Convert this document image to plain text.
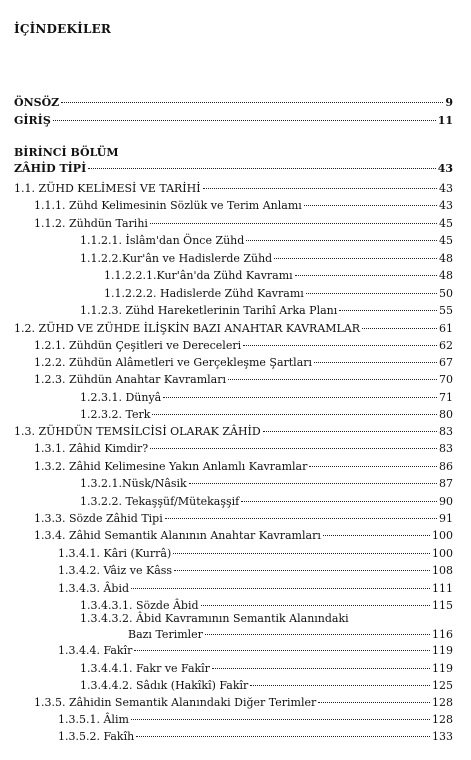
İÇİNDEKİLER
ÖNSÖZ	9
GİRİŞ	11
BİRİNCİ BÖLÜM
ZÂHİD TİPİ	43
1.1. ZÜHD KELİMESİ VE TARİHİ	43
1.1.1. Zühd Kelimesinin Sözlük ve Terim Anlamı	43
1.1.2. Zühdün Tarihi	45
1.1.2.1. İslâm'dan Önce Zühd	45
1.1.2.2.Kur'ân ve Hadislerde Zühd	48
1.1.2.2.1.Kur'ân'da Zühd Kavramı	48
1.1.2.2.2. Hadislerde Zühd Kavramı	50
1.1.2.3. Zühd Hareketlerinin Tarihî Arka Planı	55
1.2. ZÜHD VE ZÜHDE İLİŞKİN BAZI ANAHTAR KAVRAMLAR	61
1.2.1. Zühdün Çeşitleri ve Dereceleri	62
1.2.2. Zühdün Alâmetleri ve Gerçekleşme Şartları	67
1.2.3. Zühdün Anahtar Kavramları	70
1.2.3.1. Dünyâ	71
1.2.3.2. Terk	80
1.3. ZÜHDÜN TEMSİLCİSİ OLARAK ZÂHİD	83
1.3.1. Zâhid Kimdir?	83
1.3.2. Zâhid Kelimesine Yakın Anlamlı Kavramlar	86
1.3.2.1.Nüsk/Nâsik	87
1.3.2.2. Tekaşşüf/Mütekaşşif	90
1.3.3. Sözde Zâhid Tipi	91
1.3.4. Zâhid Semantik Alanının Anahtar Kavramları	100
1.3.4.1. Kâri (Kurrâ)	100
1.3.4.2. Vâiz ve Kâss	108
1.3.4.3. Âbid	111
1.3.4.3.1. Sözde Âbid	115
1.3.4.3.2. Âbid Kavramının Semantik Alanındaki
Bazı Terimler	116
1.3.4.4. Fakîr	119
1.3.4.4.1. Fakr ve Fakîr	119
1.3.4.4.2. Sâdık (Hakîkî) Fakîr	125
1.3.5. Zâhidin Semantik Alanındaki Diğer Terimler	128
1.3.5.1. Âlim	128
1.3.5.2. Fakîh	133
